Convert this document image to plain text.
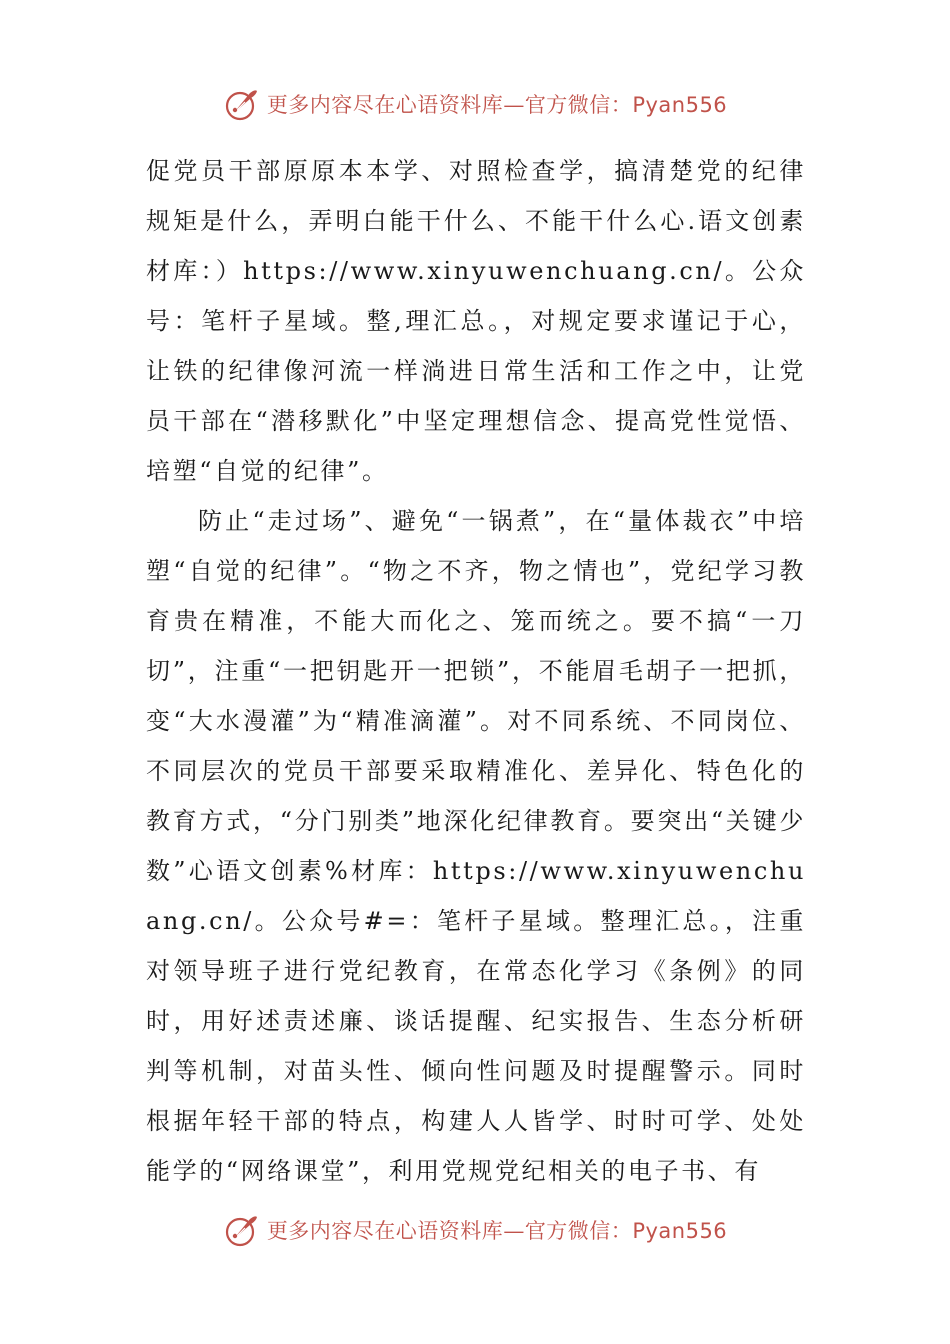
更多内容尽在心语资料库—官方微信：Pyan556

促党员干部原原本本学、对照检查学，搞清楚党的纪律规矩是什么，弄明白能干什么、不能干什么心.语文创素材库：）https://www.xinyuwenchuang.cn/。公众号：笔杆子星域。整,理汇总。，对规定要求谨记于心，让铁的纪律像河流一样淌进日常生活和工作之中，让党员干部在“潜移默化”中坚定理想信念、提高党性觉悟、培塑“自觉的纪律”。

防止“走过场”、避免“一锅煮”，在“量体裁衣”中培塑“自觉的纪律”。“物之不齐，物之情也”，党纪学习教育贵在精准，不能大而化之、笼而统之。要不搞“一刀切”，注重“一把钥匙开一把锁”，不能眉毛胡子一把抓，变“大水漫灌”为“精准滴灌”。对不同系统、不同岗位、不同层次的党员干部要采取精准化、差异化、特色化的教育方式，“分门别类”地深化纪律教育。要突出“关键少数”心语文创素%材库：https://www.xinyuwenchuang.cn/。公众号#=：笔杆子星域。整理汇总。，注重对领导班子进行党纪教育，在常态化学习《条例》的同时，用好述责述廉、谈话提醒、纪实报告、生态分析研判等机制，对苗头性、倾向性问题及时提醒警示。同时根据年轻干部的特点，构建人人皆学、时时可学、处处能学的“网络课堂”，利用党规党纪相关的电子书、有

更多内容尽在心语资料库—官方微信：Pyan556
